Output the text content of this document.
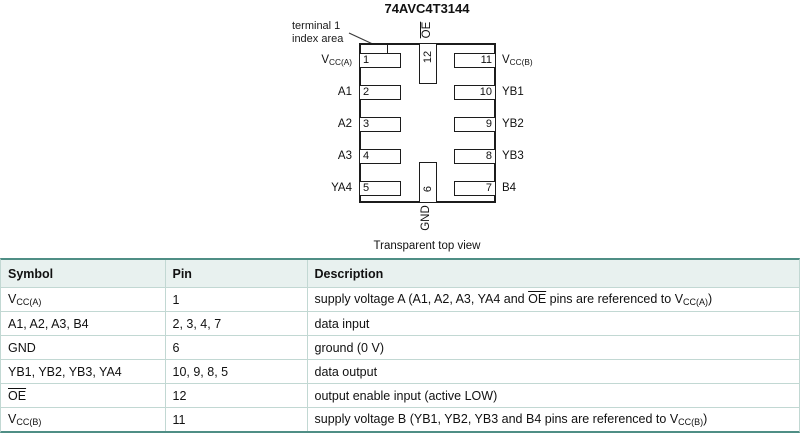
74AVC4T3144
terminal 1
index area
1
2
3
4
5
11
10
9
8
7
$V_{CC(A)}$
A1
A2
A3
YA4
$V_{CC(B)}$
YB1
YB2
YB3
B4
12
6
$\overline{OE}$
GND
Transparent top view
Symbol	Pin	Description
$V_{CC(A)}$	1	supply voltage A (A1, A2, A3, YA4 and $\overline{OE}$ pins are referenced to $V_{CC(A)}$)
A1, A2, A3, B4	2, 3, 4, 7	data input
GND	6	ground (0 V)
YB1, YB2, YB3, YA4	10, 9, 8, 5	data output
$\overline{OE}$	12	output enable input (active LOW)
$V_{CC(B)}$	11	supply voltage B (YB1, YB2, YB3 and B4 pins are referenced to $V_{CC(B)}$)
